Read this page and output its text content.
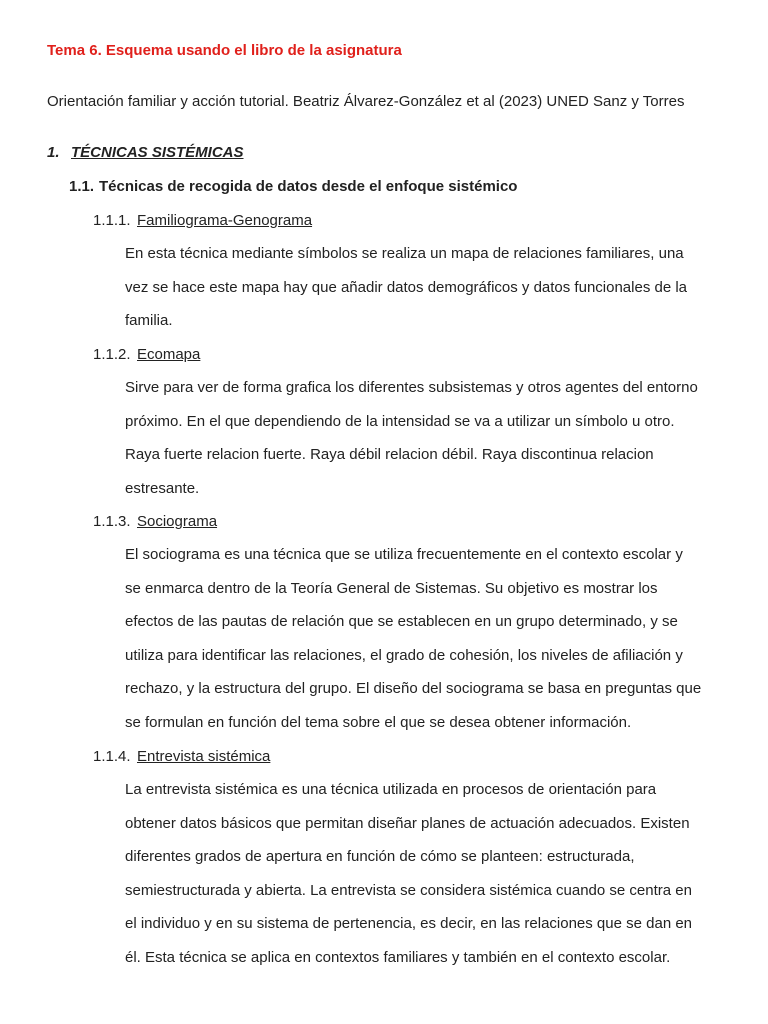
Tema 6. Esquema usando el libro de la asignatura

Orientación familiar y acción tutorial. Beatriz Álvarez-González et al (2023) UNED Sanz y Torres

1. TÉCNICAS SISTÉMICAS

1.1. Técnicas de recogida de datos desde el enfoque sistémico

1.1.1. Familiograma-Genograma

En esta técnica mediante símbolos se realiza un mapa de relaciones familiares, una
vez se hace este mapa hay que añadir datos demográficos y datos funcionales de la
familia.

1.1.2. Ecomapa

Sirve para ver de forma grafica los diferentes subsistemas y otros agentes del entorno
próximo. En el que dependiendo de la intensidad se va a utilizar un símbolo u otro.
Raya fuerte relacion fuerte. Raya débil relacion débil. Raya discontinua relacion
estresante.

1.1.3. Sociograma

El sociograma es una técnica que se utiliza frecuentemente en el contexto escolar y
se enmarca dentro de la Teoría General de Sistemas. Su objetivo es mostrar los
efectos de las pautas de relación que se establecen en un grupo determinado, y se
utiliza para identificar las relaciones, el grado de cohesión, los niveles de afiliación y
rechazo, y la estructura del grupo. El diseño del sociograma se basa en preguntas que
se formulan en función del tema sobre el que se desea obtener información.

1.1.4. Entrevista sistémica

La entrevista sistémica es una técnica utilizada en procesos de orientación para
obtener datos básicos que permitan diseñar planes de actuación adecuados. Existen
diferentes grados de apertura en función de cómo se planteen: estructurada,
semiestructurada y abierta. La entrevista se considera sistémica cuando se centra en
el individuo y en su sistema de pertenencia, es decir, en las relaciones que se dan en
él. Esta técnica se aplica en contextos familiares y también en el contexto escolar.
